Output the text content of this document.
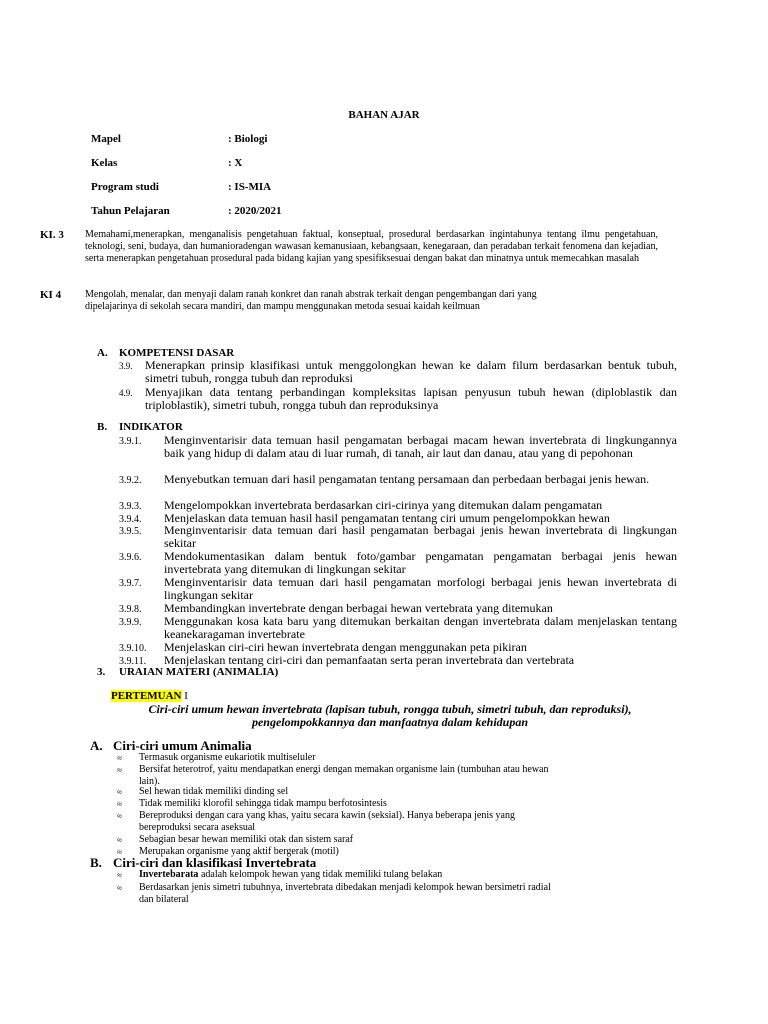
BAHAN AJAR
Mapel	: Biologi
Kelas	: X
Program studi	: IS-MIA
Tahun Pelajaran	: 2020/2021
KI. 3 Memahami,menerapkan, menganalisis pengetahuan faktual, konseptual, prosedural berdasarkan ingintahunya tentang ilmu pengetahuan, teknologi, seni, budaya, dan humanioradengan wawasan kemanusiaan, kebangsaan, kenegaraan, dan peradaban terkait fenomena dan kejadian, serta menerapkan pengetahuan prosedural pada bidang kajian yang spesifiksesuai dengan bakat dan minatnya untuk memecahkan masalah
KI 4 Mengolah, menalar, dan menyaji dalam ranah konkret dan ranah abstrak terkait dengan pengembangan dari yang
dipelajarinya di sekolah secara mandiri, dan mampu menggunakan metoda sesuai kaidah keilmuan
A. KOMPETENSI DASAR
3.9. Menerapkan prinsip klasifikasi untuk menggolongkan hewan ke dalam filum berdasarkan bentuk tubuh, simetri tubuh, rongga tubuh dan reproduksi
4.9. Menyajikan data tentang perbandingan kompleksitas lapisan penyusun tubuh hewan (diploblastik dan triploblastik), simetri tubuh, rongga tubuh dan reproduksinya
B. INDIKATOR
3.9.1. Menginventarisir data temuan hasil pengamatan berbagai macam hewan invertebrata di lingkungannya baik yang hidup di dalam atau di luar rumah, di tanah, air laut dan danau, atau yang di pepohonan
3.9.2. Menyebutkan temuan dari hasil pengamatan tentang persamaan dan perbedaan berbagai jenis hewan.
3.9.3. Mengelompokkan invertebrata berdasarkan ciri-cirinya yang ditemukan dalam pengamatan
3.9.4. Menjelaskan data temuan hasil hasil pengamatan tentang ciri umum pengelompokkan hewan
3.9.5. Menginventarisir data temuan dari hasil pengamatan berbagai jenis hewan invertebrata di lingkungan sekitar
3.9.6. Mendokumentasikan dalam bentuk foto/gambar pengamatan pengamatan berbagai jenis hewan invertebrata yang ditemukan di lingkungan sekitar
3.9.7. Menginventarisir data temuan dari hasil pengamatan morfologi berbagai jenis hewan invertebrata di lingkungan sekitar
3.9.8. Membandingkan invertebrate dengan berbagai hewan vertebrata yang ditemukan
3.9.9. Menggunakan kosa kata baru yang ditemukan berkaitan dengan invertebrata dalam menjelaskan tentang keanekaragaman invertebrate
3.9.10. Menjelaskan ciri-ciri hewan invertebrata dengan menggunakan peta pikiran
3.9.11. Menjelaskan tentang ciri-ciri dan pemanfaatan serta peran invertebrata dan vertebrata
3. URAIAN MATERI (ANIMALIA)
PERTEMUAN I
Ciri-ciri umum hewan invertebrata (lapisan tubuh, rongga tubuh, simetri tubuh, dan reproduksi), pengelompokkannya dan manfaatnya dalam kehidupan
A. Ciri-ciri umum Animalia
≈ Termasuk organisme eukariotik multiseluler
≈ Bersifat heterotrof, yaitu mendapatkan energi dengan memakan organisme lain (tumbuhan atau hewan
lain).
≈ Sel hewan tidak memiliki dinding sel
≈ Tidak memiliki klorofil sehingga tidak mampu berfotosintesis
≈ Bereproduksi dengan cara yang khas, yaitu secara kawin (seksial). Hanya beberapa jenis yang
bereproduksi secara aseksual
≈ Sebagian besar hewan memiliki otak dan sistem saraf
≈ Merupakan organisme yang aktif bergerak (motil)
B. Ciri-ciri dan klasifikasi Invertebrata
≈ Invertebarata adalah kelompok hewan yang tidak memiliki tulang belakan
≈ Berdasarkan jenis simetri tubuhnya, invertebrata dibedakan menjadi kelompok hewan bersimetri radial
dan bilateral
